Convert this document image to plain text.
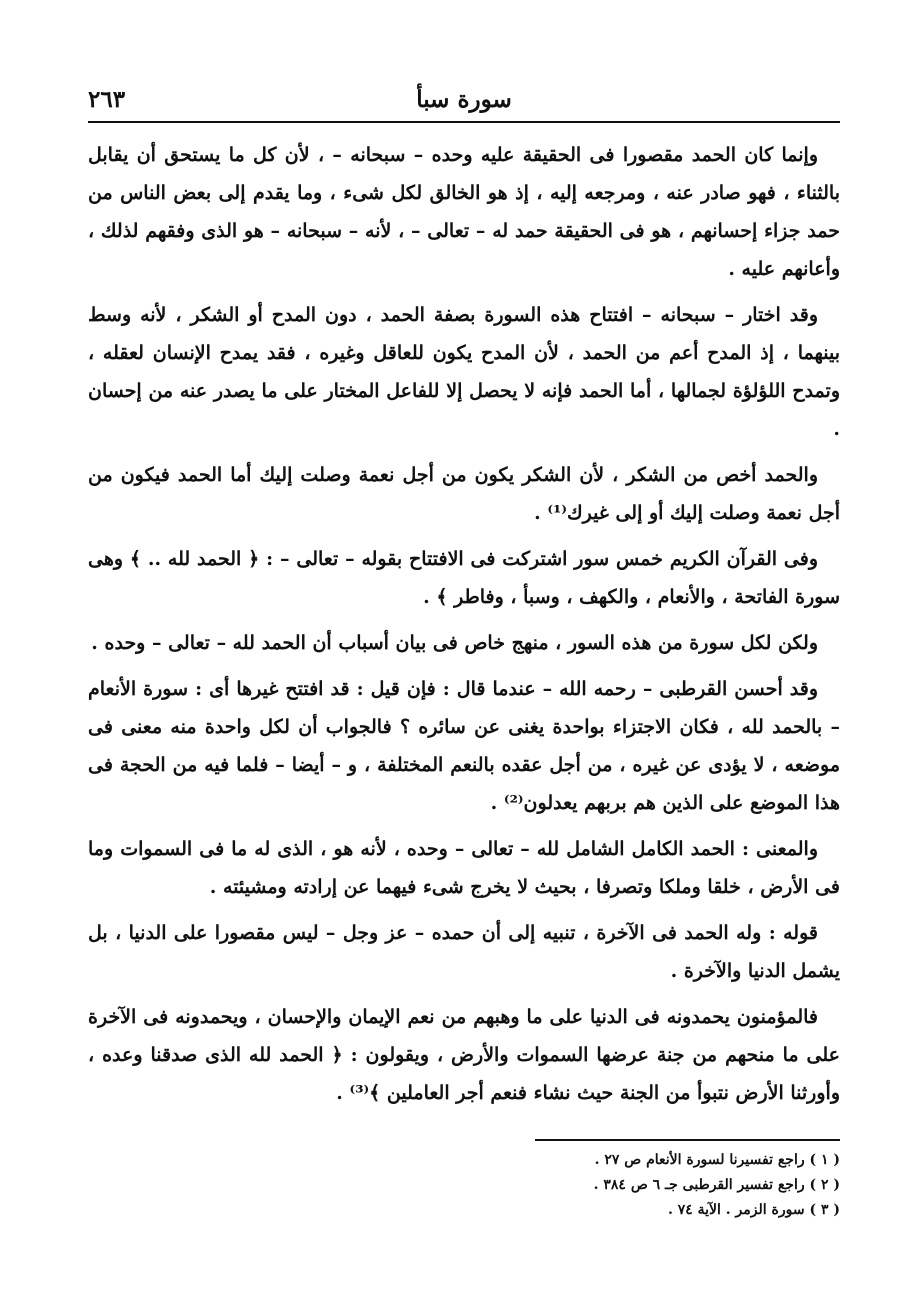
سورة سبأ
٢٦٣

وإنما كان الحمد مقصورا فى الحقيقة عليه وحده – سبحانه – ، لأن كل ما يستحق أن يقابل بالثناء ، فهو صادر عنه ، ومرجعه إليه ، إذ هو الخالق لكل شىء ، وما يقدم إلى بعض الناس من حمد جزاء إحسانهم ، هو فى الحقيقة حمد له – تعالى – ، لأنه – سبحانه – هو الذى وفقهم لذلك ، وأعانهم عليه .

وقد اختار – سبحانه – افتتاح هذه السورة بصفة الحمد ، دون المدح أو الشكر ، لأنه وسط بينهما ، إذ المدح أعم من الحمد ، لأن المدح يكون للعاقل وغيره ، فقد يمدح الإنسان لعقله ، وتمدح اللؤلؤة لجمالها ، أما الحمد فإنه لا يحصل إلا للفاعل المختار على ما يصدر عنه من إحسان .

والحمد أخص من الشكر ، لأن الشكر يكون من أجل نعمة وصلت إليك أما الحمد فيكون من أجل نعمة وصلت إليك أو إلى غيرك⁽¹⁾ .

وفى القرآن الكريم خمس سور اشتركت فى الافتتاح بقوله – تعالى – : ﴿ الحمد لله .. ﴾ وهى سورة الفاتحة ، والأنعام ، والكهف ، وسبأ ، وفاطر ﴾ .

ولكن لكل سورة من هذه السور ، منهج خاص فى بيان أسباب أن الحمد لله – تعالى – وحده .

وقد أحسن القرطبى – رحمه الله – عندما قال : فإن قيل : قد افتتح غيرها أى : سورة الأنعام – بالحمد لله ، فكان الاجتزاء بواحدة يغنى عن سائره ؟ فالجواب أن لكل واحدة منه معنى فى موضعه ، لا يؤدى عن غيره ، من أجل عقده بالنعم المختلفة ، و – أيضا – فلما فيه من الحجة فى هذا الموضع على الذين هم بربهم يعدلون⁽²⁾ .

والمعنى : الحمد الكامل الشامل لله – تعالى – وحده ، لأنه هو ، الذى له ما فى السموات وما فى الأرض ، خلقا وملكا وتصرفا ، بحيث لا يخرج شىء فيهما عن إرادته ومشيئته .

قوله : وله الحمد فى الآخرة ، تنبيه إلى أن حمده – عز وجل – ليس مقصورا على الدنيا ، بل يشمل الدنيا والآخرة .

فالمؤمنون يحمدونه فى الدنيا على ما وهبهم من نعم الإيمان والإحسان ، ويحمدونه فى الآخرة على ما منحهم من جنة عرضها السموات والأرض ، ويقولون : ﴿ الحمد لله الذى صدقنا وعده ، وأورثنا الأرض نتبوأ من الجنة حيث نشاء فنعم أجر العاملين ﴾⁽³⁾ .

( ١ ) راجع تفسيرنا لسورة الأنعام ص ٢٧ .
( ٢ ) راجع تفسير القرطبى جـ ٦ ص ٣٨٤ .
( ٣ ) سورة الزمر . الآية ٧٤ .
